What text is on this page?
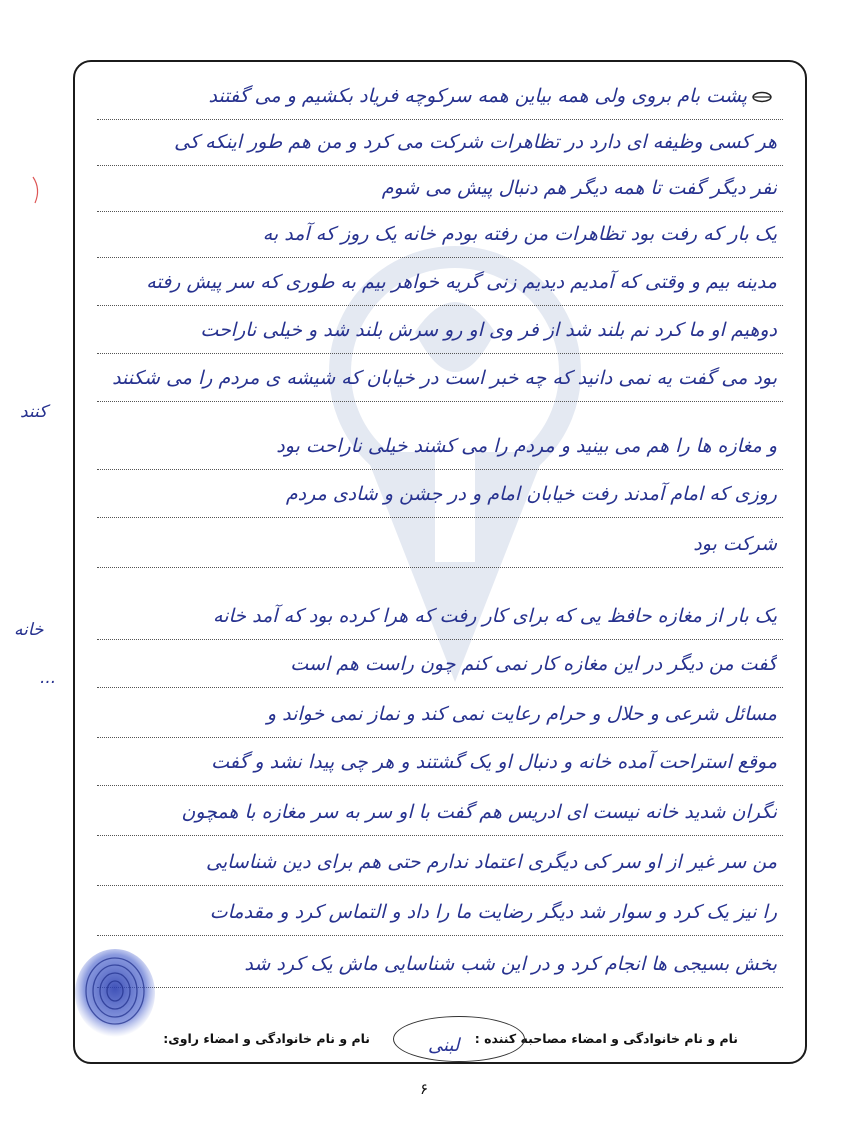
پشت بام بروی ولی همه بیاین همه سرکوچه فریاد بکشیم و می گفتند
هر کسی وظیفه ای دارد در تظاهرات شرکت می کرد و من هم طور اینکه کی
نفر دیگر گفت تا همه دیگر هم دنبال پیش می شوم
یک بار که رفت بود تظاهرات من رفته بودم خانه یک روز که آمد به
مدینه بیم و وقتی که آمدیم دیدیم زنی گریه خواهر بیم به طوری که سر پیش رفته
دوهیم او ما کرد نم بلند شد از فر وی او رو سرش بلند شد و خیلی ناراحت
بود می گفت یه نمی دانید که چه خبر است در خیابان که شیشه ی مردم را می شکنند
و مغازه ها را هم می بینید و مردم را می کشند خیلی ناراحت بود
روزی که امام آمدند رفت خیابان امام و در جشن و شادی مردم
شرکت بود
یک بار از مغازه حافظ یی که برای کار رفت که هرا کرده بود که آمد خانه
گفت من دیگر در این مغازه کار نمی کنم چون راست هم است
مسائل شرعی و حلال و حرام رعایت نمی کند و نماز نمی خواند و
موقع استراحت آمده خانه و دنبال او یک گشتند و هر چی پیدا نشد و گفت
نگران شدید خانه نیست ای ادریس هم گفت با او سر به سر مغازه با همچون
من سر غیر از او سر کی دیگری اعتماد ندارم حتی هم برای دین شناسایی
را نیز یک کرد و سوار شد دیگر رضایت ما را داد و التماس کرد و مقدمات
بخش بسیجی ها انجام کرد و در این شب شناسایی ماش یک کرد شد
کنند
خانه
...
نام و نام خانوادگی و امضاء مصاحبه کننده :
نام و نام خانوادگی و امضاء راوی:	لبنی
۶
